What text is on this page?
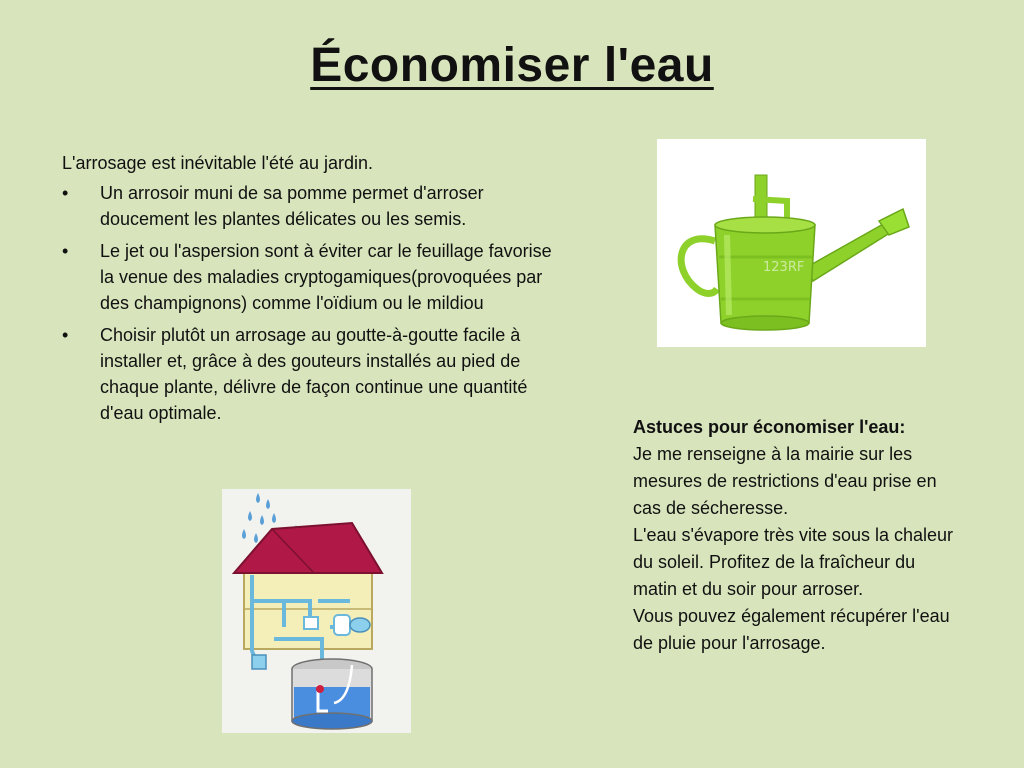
Économiser l'eau

L'arrosage est inévitable l'été au jardin.

• Un arrosoir muni de sa pomme permet d'arroser doucement les plantes délicates ou les semis.
• Le jet ou l'aspersion sont à éviter car le feuillage favorise la venue des maladies cryptogamiques(provoquées par des champignons) comme l'oïdium ou le mildiou
• Choisir plutôt un arrosage au goutte-à-goutte facile à installer et, grâce à des gouteurs installés au pied de chaque plante, délivre de façon continue une quantité d'eau optimale.
123RF
Astuces pour économiser l'eau:
Je me renseigne à la mairie sur les mesures de restrictions d'eau prise en cas de sécheresse.
L'eau s'évapore très vite sous la chaleur du soleil. Profitez de la fraîcheur du matin et du soir pour arroser.
Vous pouvez également récupérer l'eau de pluie pour l'arrosage.
